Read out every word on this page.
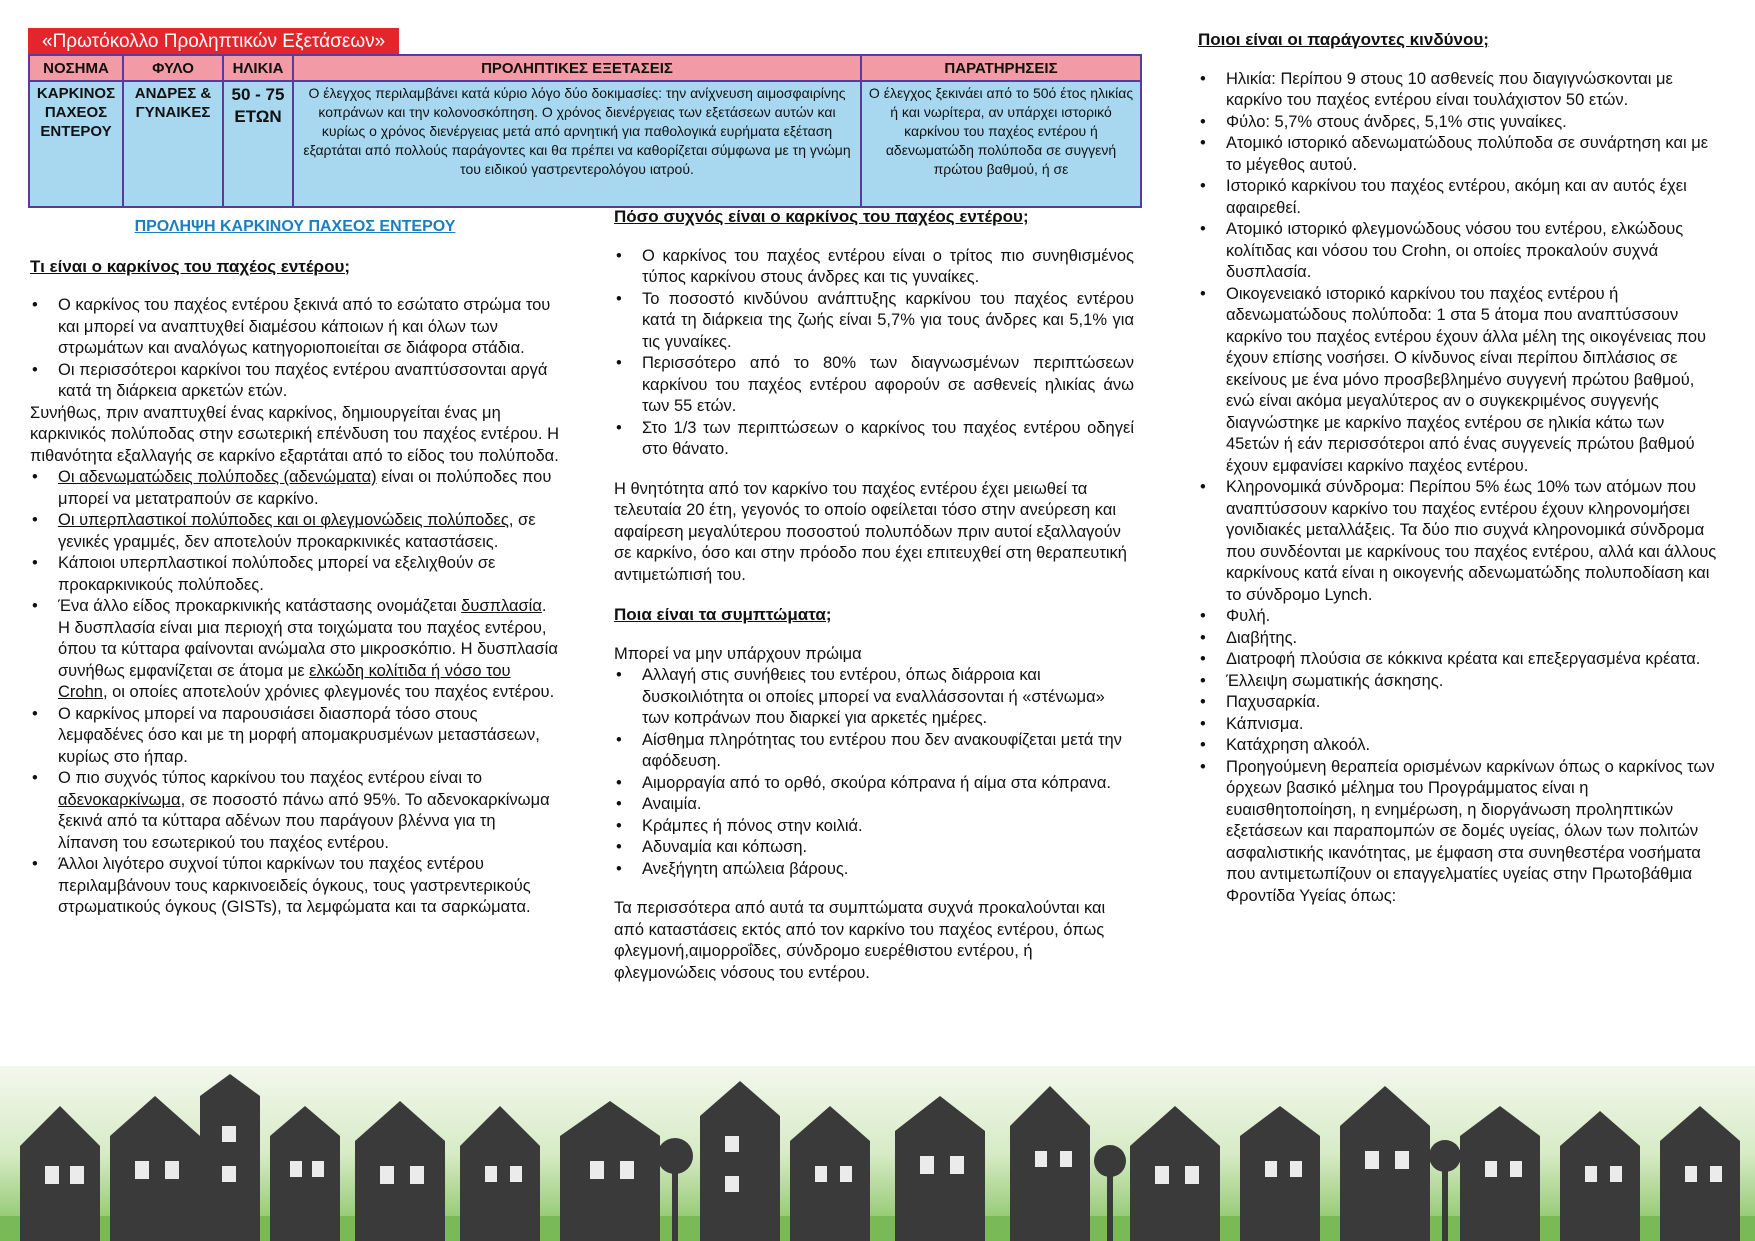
«Πρωτόκολλο Προληπτικών Εξετάσεων»
ΝΟΣΗΜΑ	ΦΥΛΟ	ΗΛΙΚΙΑ	ΠΡΟΛΗΠΤΙΚΕΣ ΕΞΕΤΑΣΕΙΣ	ΠΑΡΑΤΗΡΗΣΕΙΣ
ΚΑΡΚΙΝΟΣ ΠΑΧΕΟΣ ΕΝΤΕΡΟΥ	ΑΝΔΡΕΣ & ΓΥΝΑΙΚΕΣ	50 - 75 ΕΤΩΝ	Ο έλεγχος περιλαμβάνει κατά κύριο λόγο δύο δοκιμασίες: την ανίχνευση αιμοσφαιρίνης κοπράνων και την κολονοσκόπηση. Ο χρόνος διενέργειας των εξετάσεων αυτών και κυρίως ο χρόνος διενέργειας μετά από αρνητική για παθολογικά ευρήματα εξέταση εξαρτάται από πολλούς παράγοντες και θα πρέπει να καθορίζεται σύμφωνα με τη γνώμη του ειδικού γαστρεντερολόγου ιατρού.	Ο έλεγχος ξεκινάει από το 50ό έτος ηλικίας ή και νωρίτερα, αν υπάρχει ιστορικό καρκίνου του παχέος εντέρου ή αδενωματώδη πολύποδα σε συγγενή πρώτου βαθμού, ή σε

ΠΡΟΛΗΨΗ ΚΑΡΚΙΝΟΥ ΠΑΧΕΟΣ ΕΝΤΕΡΟΥ

Τι είναι ο καρκίνος του παχέος εντέρου;

• Ο καρκίνος του παχέος εντέρου ξεκινά από το εσώτατο στρώμα του και μπορεί να αναπτυχθεί διαμέσου κάποιων ή και όλων των στρωμάτων και αναλόγως κατηγοριοποιείται σε διάφορα στάδια.
• Οι περισσότεροι καρκίνοι του παχέος εντέρου αναπτύσσονται αργά κατά τη διάρκεια αρκετών ετών.

Συνήθως, πριν αναπτυχθεί ένας καρκίνος, δημιουργείται ένας μη καρκινικός πολύποδας στην εσωτερική επένδυση του παχέος εντέρου. Η πιθανότητα εξαλλαγής σε καρκίνο εξαρτάται από το είδος του πολύποδα.

• Οι αδενωματώδεις πολύποδες (αδενώματα) είναι οι πολύποδες που μπορεί να μετατραπούν σε καρκίνο.
• Οι υπερπλαστικοί πολύποδες και οι φλεγμονώδεις πολύποδες, σε γενικές γραμμές, δεν αποτελούν προκαρκινικές καταστάσεις.
• Κάποιοι υπερπλαστικοί πολύποδες μπορεί να εξελιχθούν σε προκαρκινικούς πολύποδες.
• Ένα άλλο είδος προκαρκινικής κατάστασης ονομάζεται δυσπλασία. Η δυσπλασία είναι μια περιοχή στα τοιχώματα του παχέος εντέρου, όπου τα κύτταρα φαίνονται ανώμαλα στο μικροσκόπιο. Η δυσπλασία συνήθως εμφανίζεται σε άτομα με ελκώδη κολίτιδα ή νόσο του Crohn, οι οποίες αποτελούν χρόνιες φλεγμονές του παχέος εντέρου.
• Ο καρκίνος μπορεί να παρουσιάσει διασπορά τόσο στους λεμφαδένες όσο και με τη μορφή απομακρυσμένων μεταστάσεων, κυρίως στο ήπαρ.
• Ο πιο συχνός τύπος καρκίνου του παχέος εντέρου είναι το αδενοκαρκίνωμα, σε ποσοστό πάνω από 95%. Το αδενοκαρκίνωμα ξεκινά από τα κύτταρα αδένων που παράγουν βλέννα για τη λίπανση του εσωτερικού του παχέος εντέρου.
• Άλλοι λιγότερο συχνοί τύποι καρκίνων του παχέος εντέρου περιλαμβάνουν τους καρκινοειδείς όγκους, τους γαστρεντερικούς στρωματικούς όγκους (GISTs), τα λεμφώματα και τα σαρκώματα.

Πόσο συχνός είναι ο καρκίνος του παχέος εντέρου;

• Ο καρκίνος του παχέος εντέρου είναι ο τρίτος πιο συνηθισμένος τύπος καρκίνου στους άνδρες και τις γυναίκες.
• Το ποσοστό κινδύνου ανάπτυξης καρκίνου του παχέος εντέρου κατά τη διάρκεια της ζωής είναι 5,7% για τους άνδρες και 5,1% για τις γυναίκες.
• Περισσότερο από το 80% των διαγνωσμένων περιπτώσεων καρκίνου του παχέος εντέρου αφορούν σε ασθενείς ηλικίας άνω των 55 ετών.
• Στο 1/3 των περιπτώσεων ο καρκίνος του παχέος εντέρου οδηγεί στο θάνατο.

Η θνητότητα από τον καρκίνο του παχέος εντέρου έχει μειωθεί τα τελευταία 20 έτη, γεγονός το οποίο οφείλεται τόσο στην ανεύρεση και αφαίρεση μεγαλύτερου ποσοστού πολυπόδων πριν αυτοί εξαλλαγούν σε καρκίνο, όσο και στην πρόοδο που έχει επιτευχθεί στη θεραπευτική αντιμετώπισή του.

Ποια είναι τα συμπτώματα;

Μπορεί να μην υπάρχουν πρώιμα

• Αλλαγή στις συνήθειες του εντέρου, όπως διάρροια και δυσκοιλιότητα οι οποίες μπορεί να εναλλάσσονται ή «στένωμα» των κοπράνων που διαρκεί για αρκετές ημέρες.
• Αίσθημα πληρότητας του εντέρου που δεν ανακουφίζεται μετά την αφόδευση.
• Αιμορραγία από το ορθό, σκούρα κόπρανα ή αίμα στα κόπρανα.
• Αναιμία.
• Κράμπες ή πόνος στην κοιλιά.
• Αδυναμία και κόπωση.
• Ανεξήγητη απώλεια βάρους.

Τα περισσότερα από αυτά τα συμπτώματα συχνά προκαλούνται και από καταστάσεις εκτός από τον καρκίνο του παχέος εντέρου, όπως φλεγμονή,αιμορροΐδες, σύνδρομο ευερέθιστου εντέρου, ή φλεγμονώδεις νόσους του εντέρου.

Ποιοι είναι οι παράγοντες κινδύνου;

• Ηλικία: Περίπου 9 στους 10 ασθενείς που διαγιγνώσκονται με καρκίνο του παχέος εντέρου είναι τουλάχιστον 50 ετών.
• Φύλο: 5,7% στους άνδρες, 5,1% στις γυναίκες.
• Ατομικό ιστορικό αδενωματώδους πολύποδα σε συνάρτηση και με το μέγεθος αυτού.
• Ιστορικό καρκίνου του παχέος εντέρου, ακόμη και αν αυτός έχει αφαιρεθεί.
• Ατομικό ιστορικό φλεγμονώδους νόσου του εντέρου, ελκώδους κολίτιδας και νόσου του Crohn, οι οποίες προκαλούν συχνά δυσπλασία.
• Οικογενειακό ιστορικό καρκίνου του παχέος εντέρου ή αδενωματώδους πολύποδα: 1 στα 5 άτομα που αναπτύσσουν καρκίνο του παχέος εντέρου έχουν άλλα μέλη της οικογένειας που έχουν επίσης νοσήσει. Ο κίνδυνος είναι περίπου διπλάσιος σε εκείνους με ένα μόνο προσβεβλημένο συγγενή πρώτου βαθμού, ενώ είναι ακόμα μεγαλύτερος αν ο συγκεκριμένος συγγενής διαγνώστηκε με καρκίνο παχέος εντέρου σε ηλικία κάτω των 45ετών ή εάν περισσότεροι από ένας συγγενείς πρώτου βαθμού έχουν εμφανίσει καρκίνο παχέος εντέρου.
• Κληρονομικά σύνδρομα: Περίπου 5% έως 10% των ατόμων που αναπτύσσουν καρκίνο του παχέος εντέρου έχουν κληρονομήσει γονιδιακές μεταλλάξεις. Τα δύο πιο συχνά κληρονομικά σύνδρομα που συνδέονται με καρκίνους του παχέος εντέρου, αλλά και άλλους καρκίνους κατά είναι η οικογενής αδενωματώδης πολυποδίαση και το σύνδρομο Lynch.
• Φυλή.
• Διαβήτης.
• Διατροφή πλούσια σε κόκκινα κρέατα και επεξεργασμένα κρέατα.
• Έλλειψη σωματικής άσκησης.
• Παχυσαρκία.
• Κάπνισμα.
• Κατάχρηση αλκοόλ.
• Προηγούμενη θεραπεία ορισμένων καρκίνων όπως ο καρκίνος των όρχεων βασικό μέλημα του Προγράμματος είναι η ευαισθητοποίηση, η ενημέρωση, η διοργάνωση προληπτικών εξετάσεων και παραπομπών σε δομές υγείας, όλων των πολιτών ασφαλιστικής ικανότητας, με έμφαση στα συνηθεστέρα νοσήματα που αντιμετωπίζουν οι επαγγελματίες υγείας στην Πρωτοβάθμια Φροντίδα Υγείας όπως:
